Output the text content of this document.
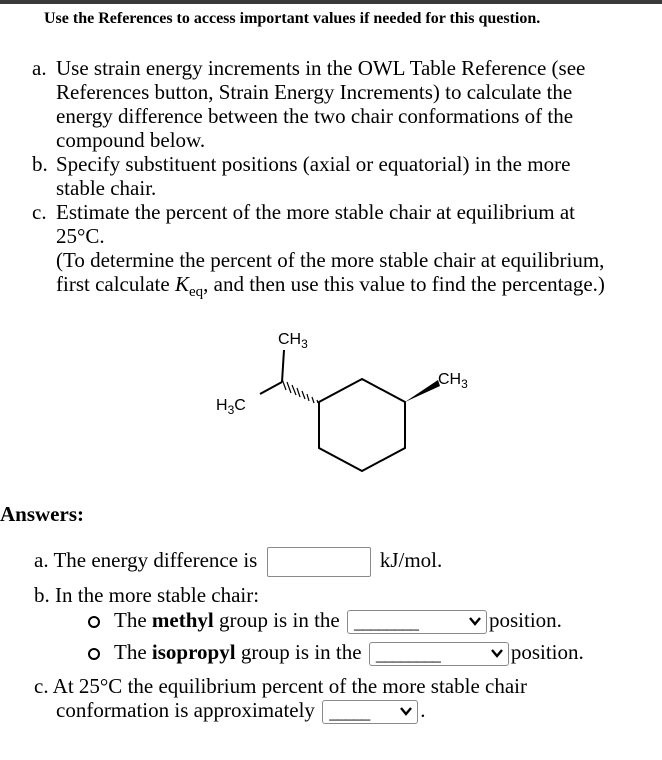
Use the References to access important values if needed for this question.
a. Use strain energy increments in the OWL Table Reference (see
References button, Strain Energy Increments) to calculate the
energy difference between the two chair conformations of the
compound below.
b. Specify substituent positions (axial or equatorial) in the more
stable chair.
c. Estimate the percent of the more stable chair at equilibrium at
25°C.
(To determine the percent of the more stable chair at equilibrium,
first calculate $K_{eq}$, and then use this value to find the percentage.)
$CH_3$
$CH_3$
$H_3C$
Answers:
a. The energy difference is	kJ/mol.
b. In the more stable chair:
The methyl group is in the ________	position.
The isopropyl group is in the ________	position.
c. At 25°C the equilibrium percent of the more stable chair
conformation is approximately _____ .
